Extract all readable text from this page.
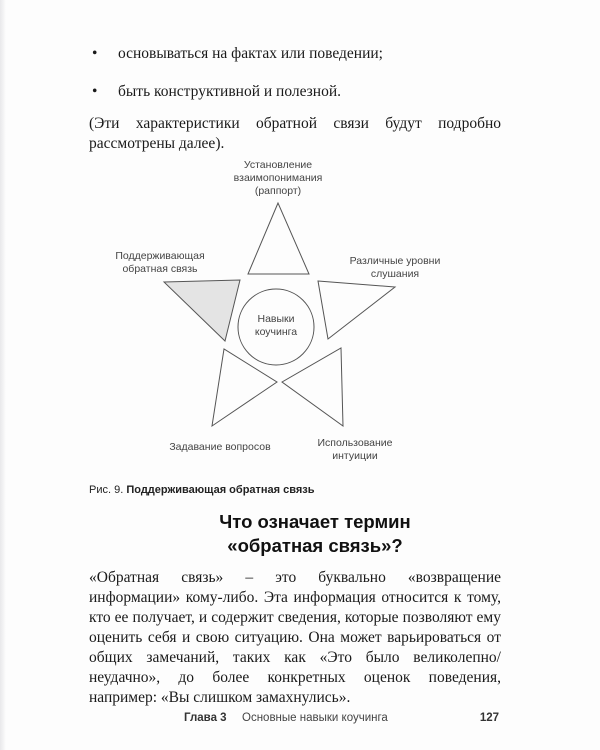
• основываться на фактах или поведении;
• быть конструктивной и полезной.
(Эти характеристики обратной связи будут подробно рассмотрены далее).
Установление
взаимопонимания
(раппорт)
Поддерживающая
обратная связь
Различные уровни
слушания
Навыки
коучинга
Задавание вопросов	Использование
интуиции
Рис. 9. Поддерживающая обратная связь
Что означает термин
«обратная связь»?
«Обратная связь» – это буквально «возвращение информации» кому-либо. Эта информация относится к тому, кто ее получает, и содержит сведения, которые позволяют ему оценить себя и свою ситуацию. Она может варьироваться от общих замечаний, таких как «Это было великолепно/ неудачно», до более конкретных оценок поведения, например: «Вы слишком замахнулись».
Глава 3 Основные навыки коучинга	127
